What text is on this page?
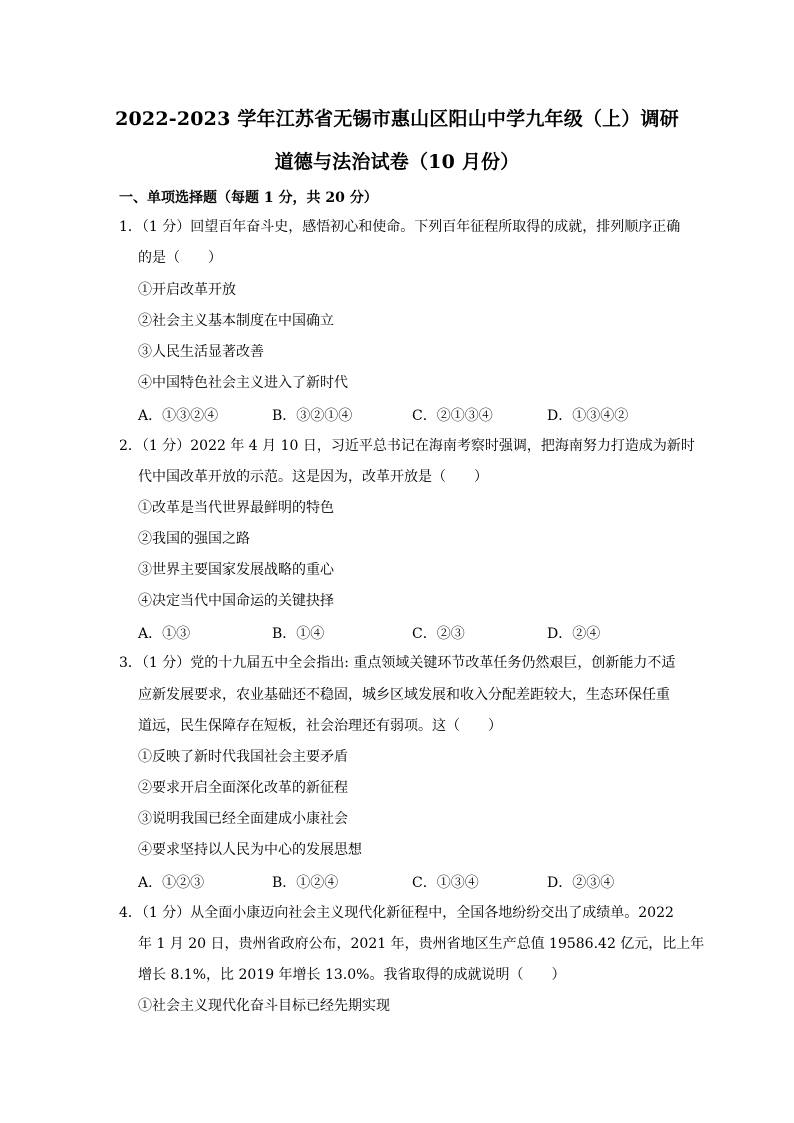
2022-2023 学年江苏省无锡市惠山区阳山中学九年级（上）调研
道德与法治试卷（10 月份）
一、单项选择题（每题 1 分，共 20 分）
1．（1 分）回望百年奋斗史，感悟初心和使命。下列百年征程所取得的成就，排列顺序正确
的是（　　）
①开启改革开放
②社会主义基本制度在中国确立
③人民生活显著改善
④中国特色社会主义进入了新时代
A．①③②④	B．③②①④	C．②①③④	D．①③④②
2．（1 分）2022 年 4 月 10 日，习近平总书记在海南考察时强调，把海南努力打造成为新时
代中国改革开放的示范。这是因为，改革开放是（　　）
①改革是当代世界最鲜明的特色
②我国的强国之路
③世界主要国家发展战略的重心
④决定当代中国命运的关键抉择
A．①③	B．①④	C．②③	D．②④
3．（1 分）党的十九届五中全会指出: 重点领域关键环节改革任务仍然艰巨，创新能力不适
应新发展要求，农业基础还不稳固，城乡区域发展和收入分配差距较大，生态环保任重
道远，民生保障存在短板，社会治理还有弱项。这（　　）
①反映了新时代我国社会主要矛盾
②要求开启全面深化改革的新征程
③说明我国已经全面建成小康社会
④要求坚持以人民为中心的发展思想
A．①②③	B．①②④	C．①③④	D．②③④
4．（1 分）从全面小康迈向社会主义现代化新征程中，全国各地纷纷交出了成绩单。2022
年 1 月 20 日，贵州省政府公布，2021 年，贵州省地区生产总值 19586.42 亿元，比上年
增长 8.1%，比 2019 年增长 13.0%。我省取得的成就说明（　　）
①社会主义现代化奋斗目标已经先期实现
